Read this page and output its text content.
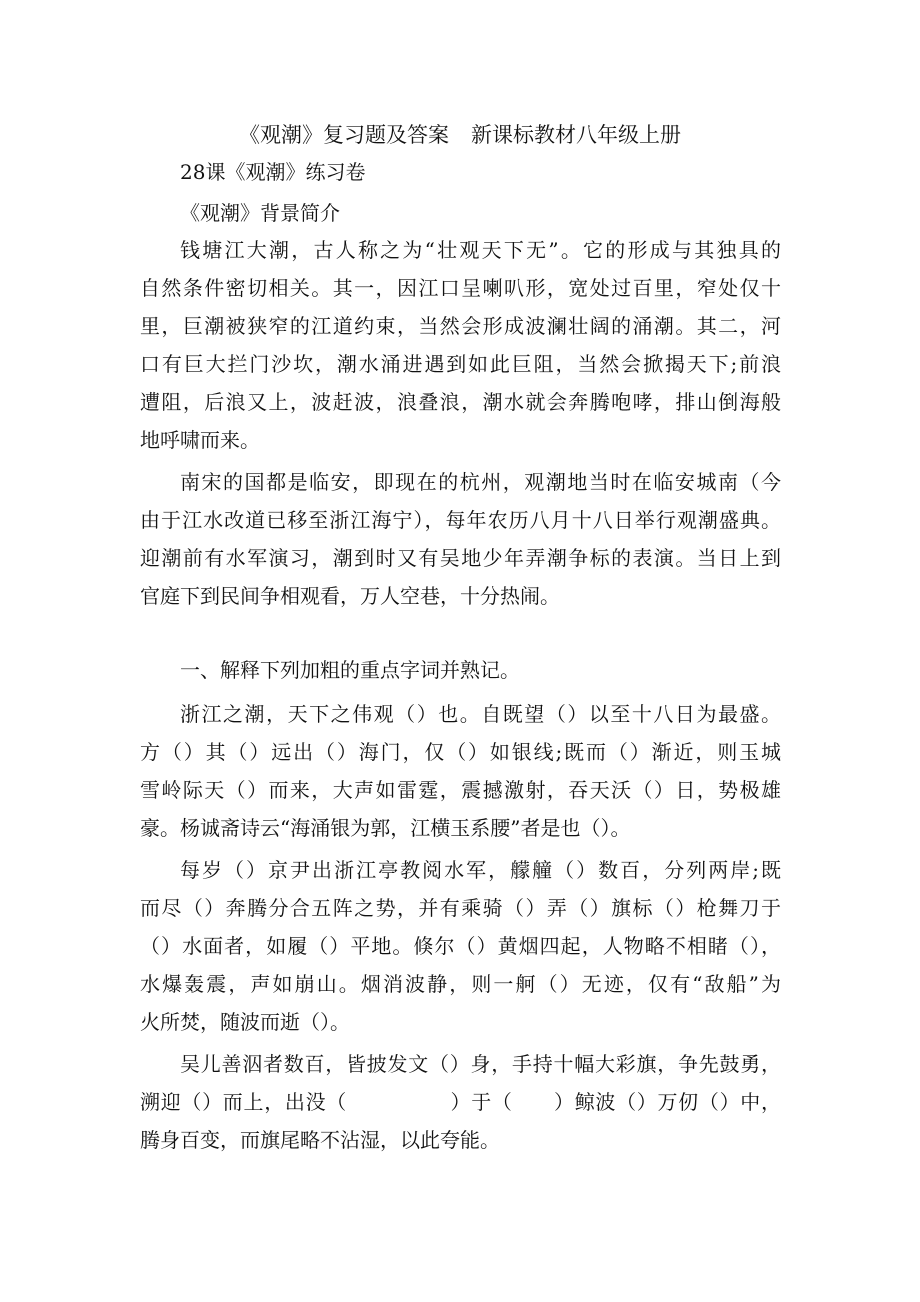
《观潮》复习题及答案 新课标教材八年级上册
28课《观潮》练习卷
《观潮》背景简介
钱塘江大潮，古人称之为“壮观天下无”。它的形成与其独具的
自然条件密切相关。其一，因江口呈喇叭形，宽处过百里，窄处仅十
里，巨潮被狭窄的江道约束，当然会形成波澜壮阔的涌潮。其二，河
口有巨大拦门沙坎，潮水涌进遇到如此巨阻，当然会掀揭天下;前浪
遭阻，后浪又上，波赶波，浪叠浪，潮水就会奔腾咆哮，排山倒海般
地呼啸而来。
南宋的国都是临安，即现在的杭州，观潮地当时在临安城南（今
由于江水改道已移至浙江海宁），每年农历八月十八日举行观潮盛典。
迎潮前有水军演习，潮到时又有吴地少年弄潮争标的表演。当日上到
官庭下到民间争相观看，万人空巷，十分热闹。
一、解释下列加粗的重点字词并熟记。
浙江之潮，天下之伟观（）也。自既望（）以至十八日为最盛。
方（）其（）远出（）海门，仅（）如银线;既而（）渐近，则玉城
雪岭际天（）而来，大声如雷霆，震撼激射，吞天沃（）日，势极雄
豪。杨诚斋诗云“海涌银为郭，江横玉系腰”者是也（）。
每岁（）京尹出浙江亭教阅水军，艨艟（）数百，分列两岸;既
而尽（）奔腾分合五阵之势，并有乘骑（）弄（）旗标（）枪舞刀于
（）水面者，如履（）平地。倏尔（）黄烟四起，人物略不相睹（），
水爆轰震，声如崩山。烟消波静，则一舸（）无迹，仅有“敌船”为
火所焚，随波而逝（）。
吴儿善泅者数百，皆披发文（）身，手持十幅大彩旗，争先鼓勇，
溯迎（）而上，出没（　　　　　）于（　　）鲸波（）万仞（）中，
腾身百变，而旗尾略不沾湿，以此夸能。
